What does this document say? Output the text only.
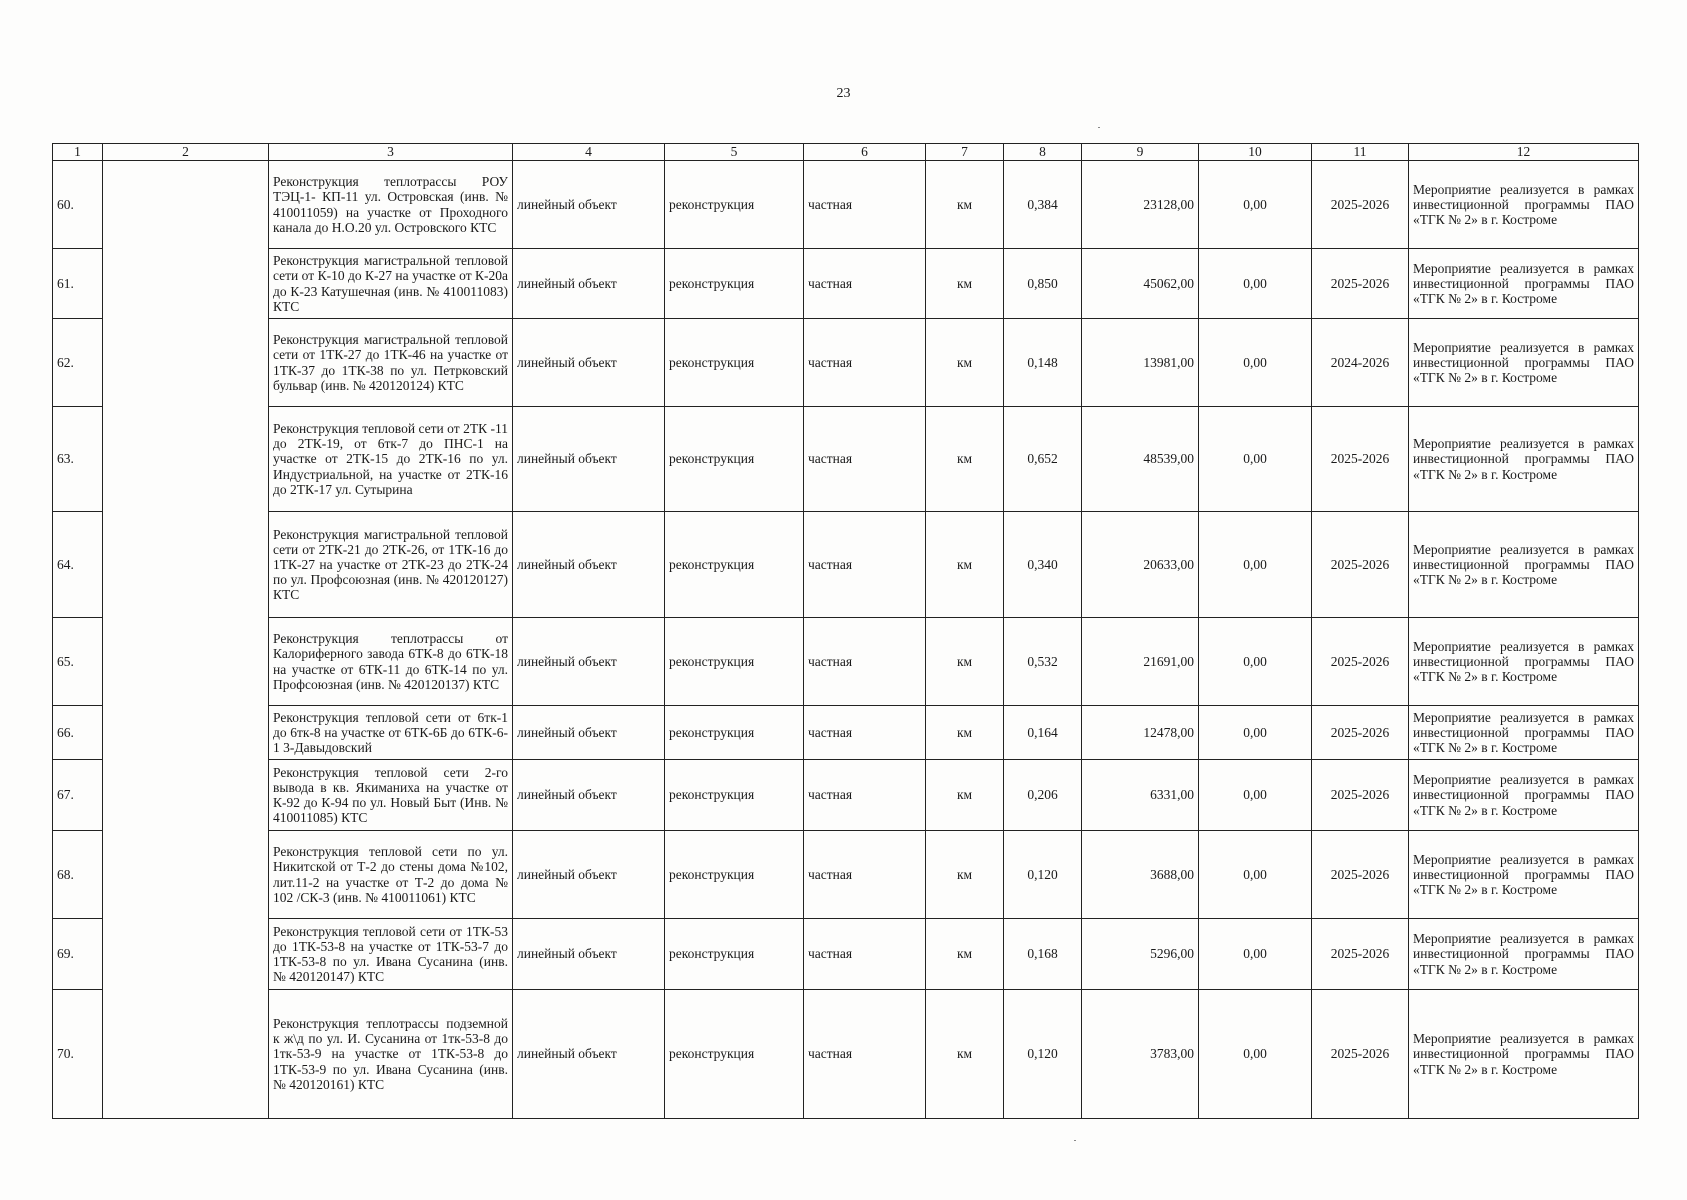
23
1	2	3	4	5	6	7	8	9	10	11	12
60.		Реконструкция теплотрассы РОУ ТЭЦ-1- КП-11 ул. Островская (инв. № 410011059) на участке от Проходного канала до Н.О.20 ул. Островского КТС	линейный объект	реконструкция	частная	км	0,384	23128,00	0,00	2025-2026	Мероприятие реализуется в рамках инвестиционной программы ПАО «ТГК № 2» в г. Костроме
61.		Реконструкция магистральной тепловой сети от К-10 до К-27 на участке от К-20а до К-23 Катушечная (инв. № 410011083) КТС	линейный объект	реконструкция	частная	км	0,850	45062,00	0,00	2025-2026	Мероприятие реализуется в рамках инвестиционной программы ПАО «ТГК № 2» в г. Костроме
62.		Реконструкция магистральной тепловой сети от 1ТК-27 до 1ТК-46 на участке от 1ТК-37 до 1ТК-38 по ул. Петрковский бульвар (инв. № 420120124) КТС	линейный объект	реконструкция	частная	км	0,148	13981,00	0,00	2024-2026	Мероприятие реализуется в рамках инвестиционной программы ПАО «ТГК № 2» в г. Костроме
63.		Реконструкция тепловой сети от 2ТК -11 до 2ТК-19, от 6тк-7 до ПНС-1 на участке от 2ТК-15 до 2ТК-16 по ул. Индустриальной, на участке от 2ТК-16 до 2ТК-17 ул. Сутырина	линейный объект	реконструкция	частная	км	0,652	48539,00	0,00	2025-2026	Мероприятие реализуется в рамках инвестиционной программы ПАО «ТГК № 2» в г. Костроме
64.		Реконструкция магистральной тепловой сети от 2ТК-21 до 2ТК-26, от 1ТК-16 до 1ТК-27 на участке от 2ТК-23 до 2ТК-24 по ул. Профсоюзная (инв. № 420120127) КТС	линейный объект	реконструкция	частная	км	0,340	20633,00	0,00	2025-2026	Мероприятие реализуется в рамках инвестиционной программы ПАО «ТГК № 2» в г. Костроме
65.		Реконструкция теплотрассы от Калориферного завода 6ТК-8 до 6ТК-18 на участке от 6ТК-11 до 6ТК-14 по ул. Профсоюзная (инв. № 420120137) КТС	линейный объект	реконструкция	частная	км	0,532	21691,00	0,00	2025-2026	Мероприятие реализуется в рамках инвестиционной программы ПАО «ТГК № 2» в г. Костроме
66.		Реконструкция тепловой сети от 6тк-1 до 6тк-8 на участке от 6ТК-6Б до 6ТК-6-1 3-Давыдовский	линейный объект	реконструкция	частная	км	0,164	12478,00	0,00	2025-2026	Мероприятие реализуется в рамках инвестиционной программы ПАО «ТГК № 2» в г. Костроме
67.		Реконструкция тепловой сети 2-го вывода в кв. Якиманиха на участке от К-92 до К-94 по ул. Новый Быт (Инв. № 410011085) КТС	линейный объект	реконструкция	частная	км	0,206	6331,00	0,00	2025-2026	Мероприятие реализуется в рамках инвестиционной программы ПАО «ТГК № 2» в г. Костроме
68.		Реконструкция тепловой сети по ул. Никитской от Т-2 до стены дома №102, лит.11-2 на участке от Т-2 до дома № 102 /СК-3 (инв. № 410011061) КТС	линейный объект	реконструкция	частная	км	0,120	3688,00	0,00	2025-2026	Мероприятие реализуется в рамках инвестиционной программы ПАО «ТГК № 2» в г. Костроме
69.		Реконструкция тепловой сети от 1ТК-53 до 1ТК-53-8 на участке от 1ТК-53-7 до 1ТК-53-8 по ул. Ивана Сусанина (инв. № 420120147) КТС	линейный объект	реконструкция	частная	км	0,168	5296,00	0,00	2025-2026	Мероприятие реализуется в рамках инвестиционной программы ПАО «ТГК № 2» в г. Костроме
70.		Реконструкция теплотрассы подземной к ж\д по ул. И. Сусанина от 1тк-53-8 до 1тк-53-9 на участке от 1ТК-53-8 до 1ТК-53-9 по ул. Ивана Сусанина (инв. № 420120161) КТС	линейный объект	реконструкция	частная	км	0,120	3783,00	0,00	2025-2026	Мероприятие реализуется в рамках инвестиционной программы ПАО «ТГК № 2» в г. Костроме
